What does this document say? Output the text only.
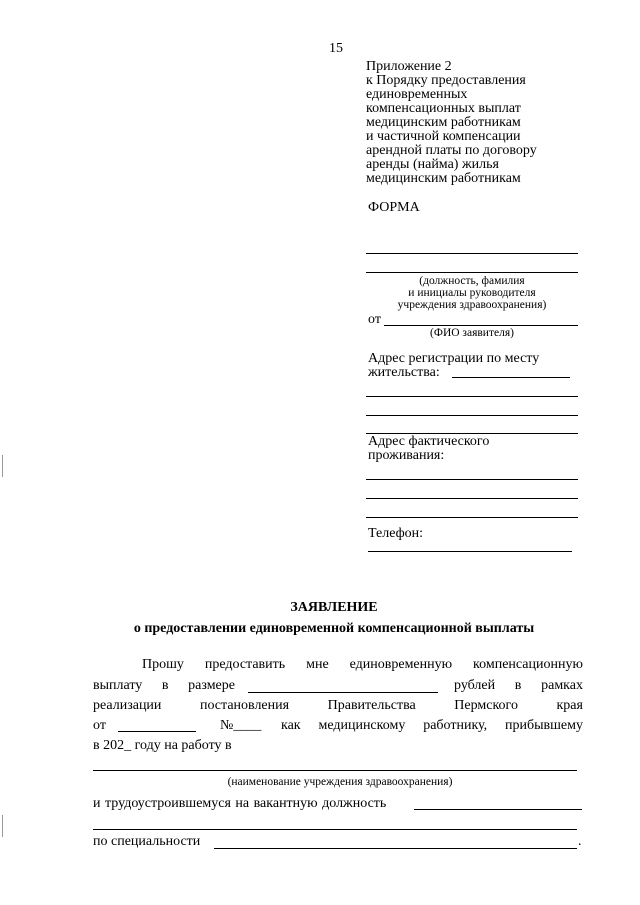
15
Приложение 2
к Порядку предоставления
единовременных
компенсационных выплат
медицинским работникам
и частичной компенсации
арендной платы по договору
аренды (найма) жилья
медицинским работникам
ФОРМА
(должность, фамилия
и инициалы руководителя
учреждения здравоохранения)
от
(ФИО заявителя)
Адрес регистрации по месту
жительства:
Адрес фактического
проживания:
Телефон:
ЗАЯВЛЕНИЕ
о предоставлении единовременной компенсационной выплаты
Прошу предоставить мне единовременную компенсационную
выплату в размере	рублей в рамках
реализации	постановления	Правительства	Пермского	края
от	№____ как медицинскому работнику, прибывшему
в 202_ году на работу в
(наименование учреждения здравоохранения)
и трудоустроившемуся на вакантную должность
по специальности	.
